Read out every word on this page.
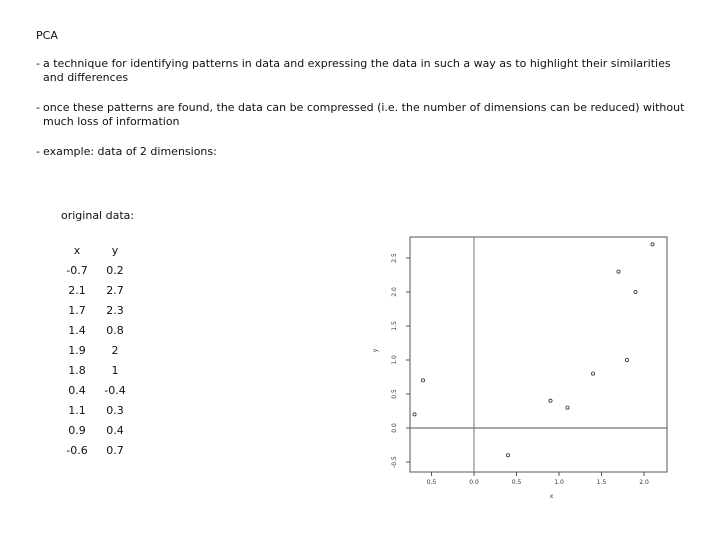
PCA
- a technique for identifying patterns in data and expressing the data in such a way as to highlight their similarities and differences
- once these patterns are found, the data can be compressed (i.e. the number of dimensions can be reduced) without much loss of information
- example: data of 2 dimensions:
original data:
x	y
-0.7	0.2
2.1	2.7
1.7	2.3
1.4	0.8
1.9	2
1.8	1
0.4	-0.4
1.1	0.3
0.9	0.4
-0.6	0.7
0.5	0.0	0.5	1.0	1.5	2.0
-0.5
0.0
0.5
1.0
1.5
2.0
2.5
x
y
